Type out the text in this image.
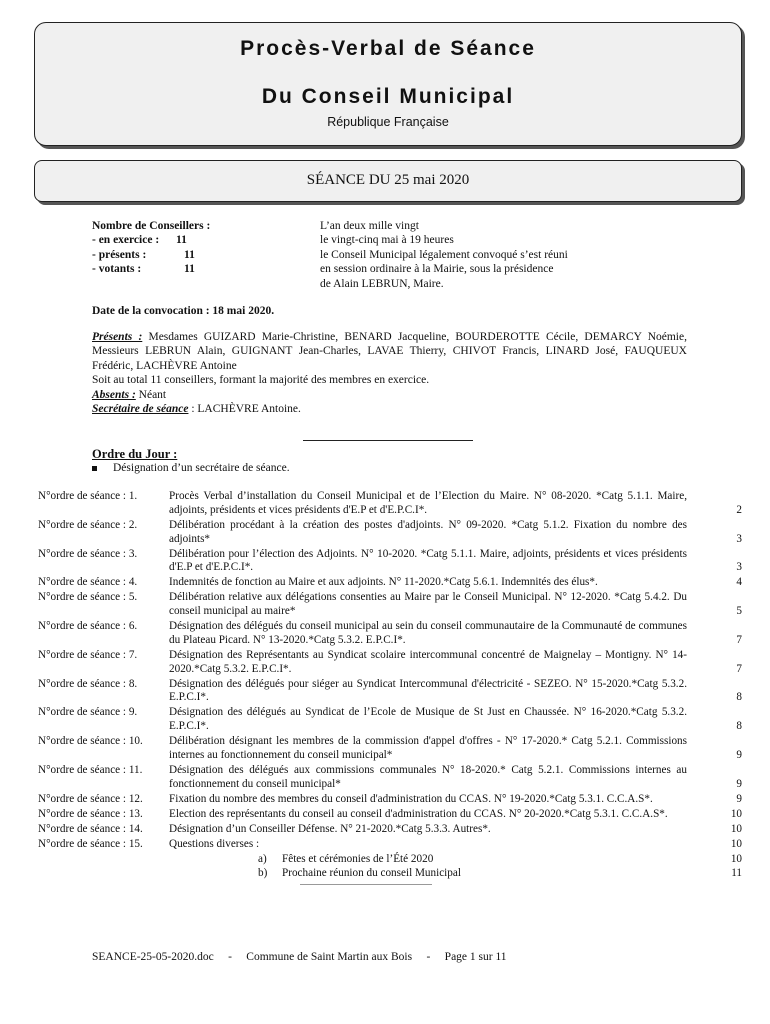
Procès-Verbal de Séance
Du Conseil Municipal
République Française
SÉANCE DU 25 mai 2020
Nombre de Conseillers :
- en exercice :	11
- présents :	11
- votants :	11
L’an deux mille vingt
le vingt-cinq mai à 19 heures
le Conseil Municipal légalement convoqué s’est réuni
en session ordinaire à la Mairie, sous la présidence
de Alain LEBRUN, Maire.
Date de la convocation : 18 mai 2020.
Présents : Mesdames GUIZARD Marie-Christine, BENARD Jacqueline, BOURDEROTTE Cécile, DEMARCY Noémie, Messieurs LEBRUN Alain, GUIGNANT Jean-Charles, LAVAE Thierry, CHIVOT Francis, LINARD José, FAUQUEUX Frédéric, LACHÈVRE Antoine
Soit au total 11 conseillers, formant la majorité des membres en exercice.
Absents : Néant
Secrétaire de séance : LACHÈVRE Antoine.
Ordre du Jour :
Désignation d’un secrétaire de séance.
N°ordre de séance : 1.	Procès Verbal d’installation du Conseil Municipal et de l’Election du Maire. N° 08-2020. *Catg 5.1.1. Maire, adjoints, présidents et vices présidents d'E.P et d'E.P.C.I*.	2
N°ordre de séance : 2.	Délibération procédant à la création des postes d'adjoints. N° 09-2020. *Catg 5.1.2. Fixation du nombre des adjoints*	3
N°ordre de séance : 3.	Délibération pour l’élection des Adjoints. N° 10-2020. *Catg 5.1.1. Maire, adjoints, présidents et vices présidents d'E.P et d'E.P.C.I*.	3
N°ordre de séance : 4.	Indemnités de fonction au Maire et aux adjoints. N° 11-2020.*Catg 5.6.1. Indemnités des élus*.	4
N°ordre de séance : 5.	Délibération relative aux délégations consenties au Maire par le Conseil Municipal. N° 12-2020. *Catg 5.4.2. Du conseil municipal au maire*	5
N°ordre de séance : 6.	Désignation des délégués du conseil municipal au sein du conseil communautaire de la Communauté de communes du Plateau Picard. N° 13-2020.*Catg 5.3.2. E.P.C.I*.	7
N°ordre de séance : 7.	Désignation des Représentants au Syndicat scolaire intercommunal concentré de Maignelay – Montigny. N° 14-2020.*Catg 5.3.2. E.P.C.I*.	7
N°ordre de séance : 8.	Désignation des délégués pour siéger au Syndicat Intercommunal d'électricité - SEZEO. N° 15-2020.*Catg 5.3.2. E.P.C.I*.	8
N°ordre de séance : 9.	Désignation des délégués au Syndicat de l’Ecole de Musique de St Just en Chaussée. N° 16-2020.*Catg 5.3.2. E.P.C.I*.	8
N°ordre de séance : 10.	Délibération désignant les membres de la commission d'appel d'offres - N° 17-2020.* Catg 5.2.1. Commissions internes au fonctionnement du conseil municipal*	9
N°ordre de séance : 11.	Désignation des délégués aux commissions communales N° 18-2020.* Catg 5.2.1. Commissions internes au fonctionnement du conseil municipal*	9
N°ordre de séance : 12.	Fixation du nombre des membres du conseil d'administration du CCAS. N° 19-2020.*Catg 5.3.1. C.C.A.S*.	9
N°ordre de séance : 13.	Election des représentants du conseil au conseil d'administration du CCAS. N° 20-2020.*Catg 5.3.1. C.C.A.S*.	10
N°ordre de séance : 14.	Désignation d’un Conseiller Défense. N° 21-2020.*Catg 5.3.3. Autres*.	10
N°ordre de séance : 15.	Questions diverses :	10
a)	Fêtes et cérémonies de l’Été 2020	10
b)	Prochaine réunion du conseil Municipal	11
SEANCE-25-05-2020.doc - Commune de Saint Martin aux Bois - Page 1 sur 11
